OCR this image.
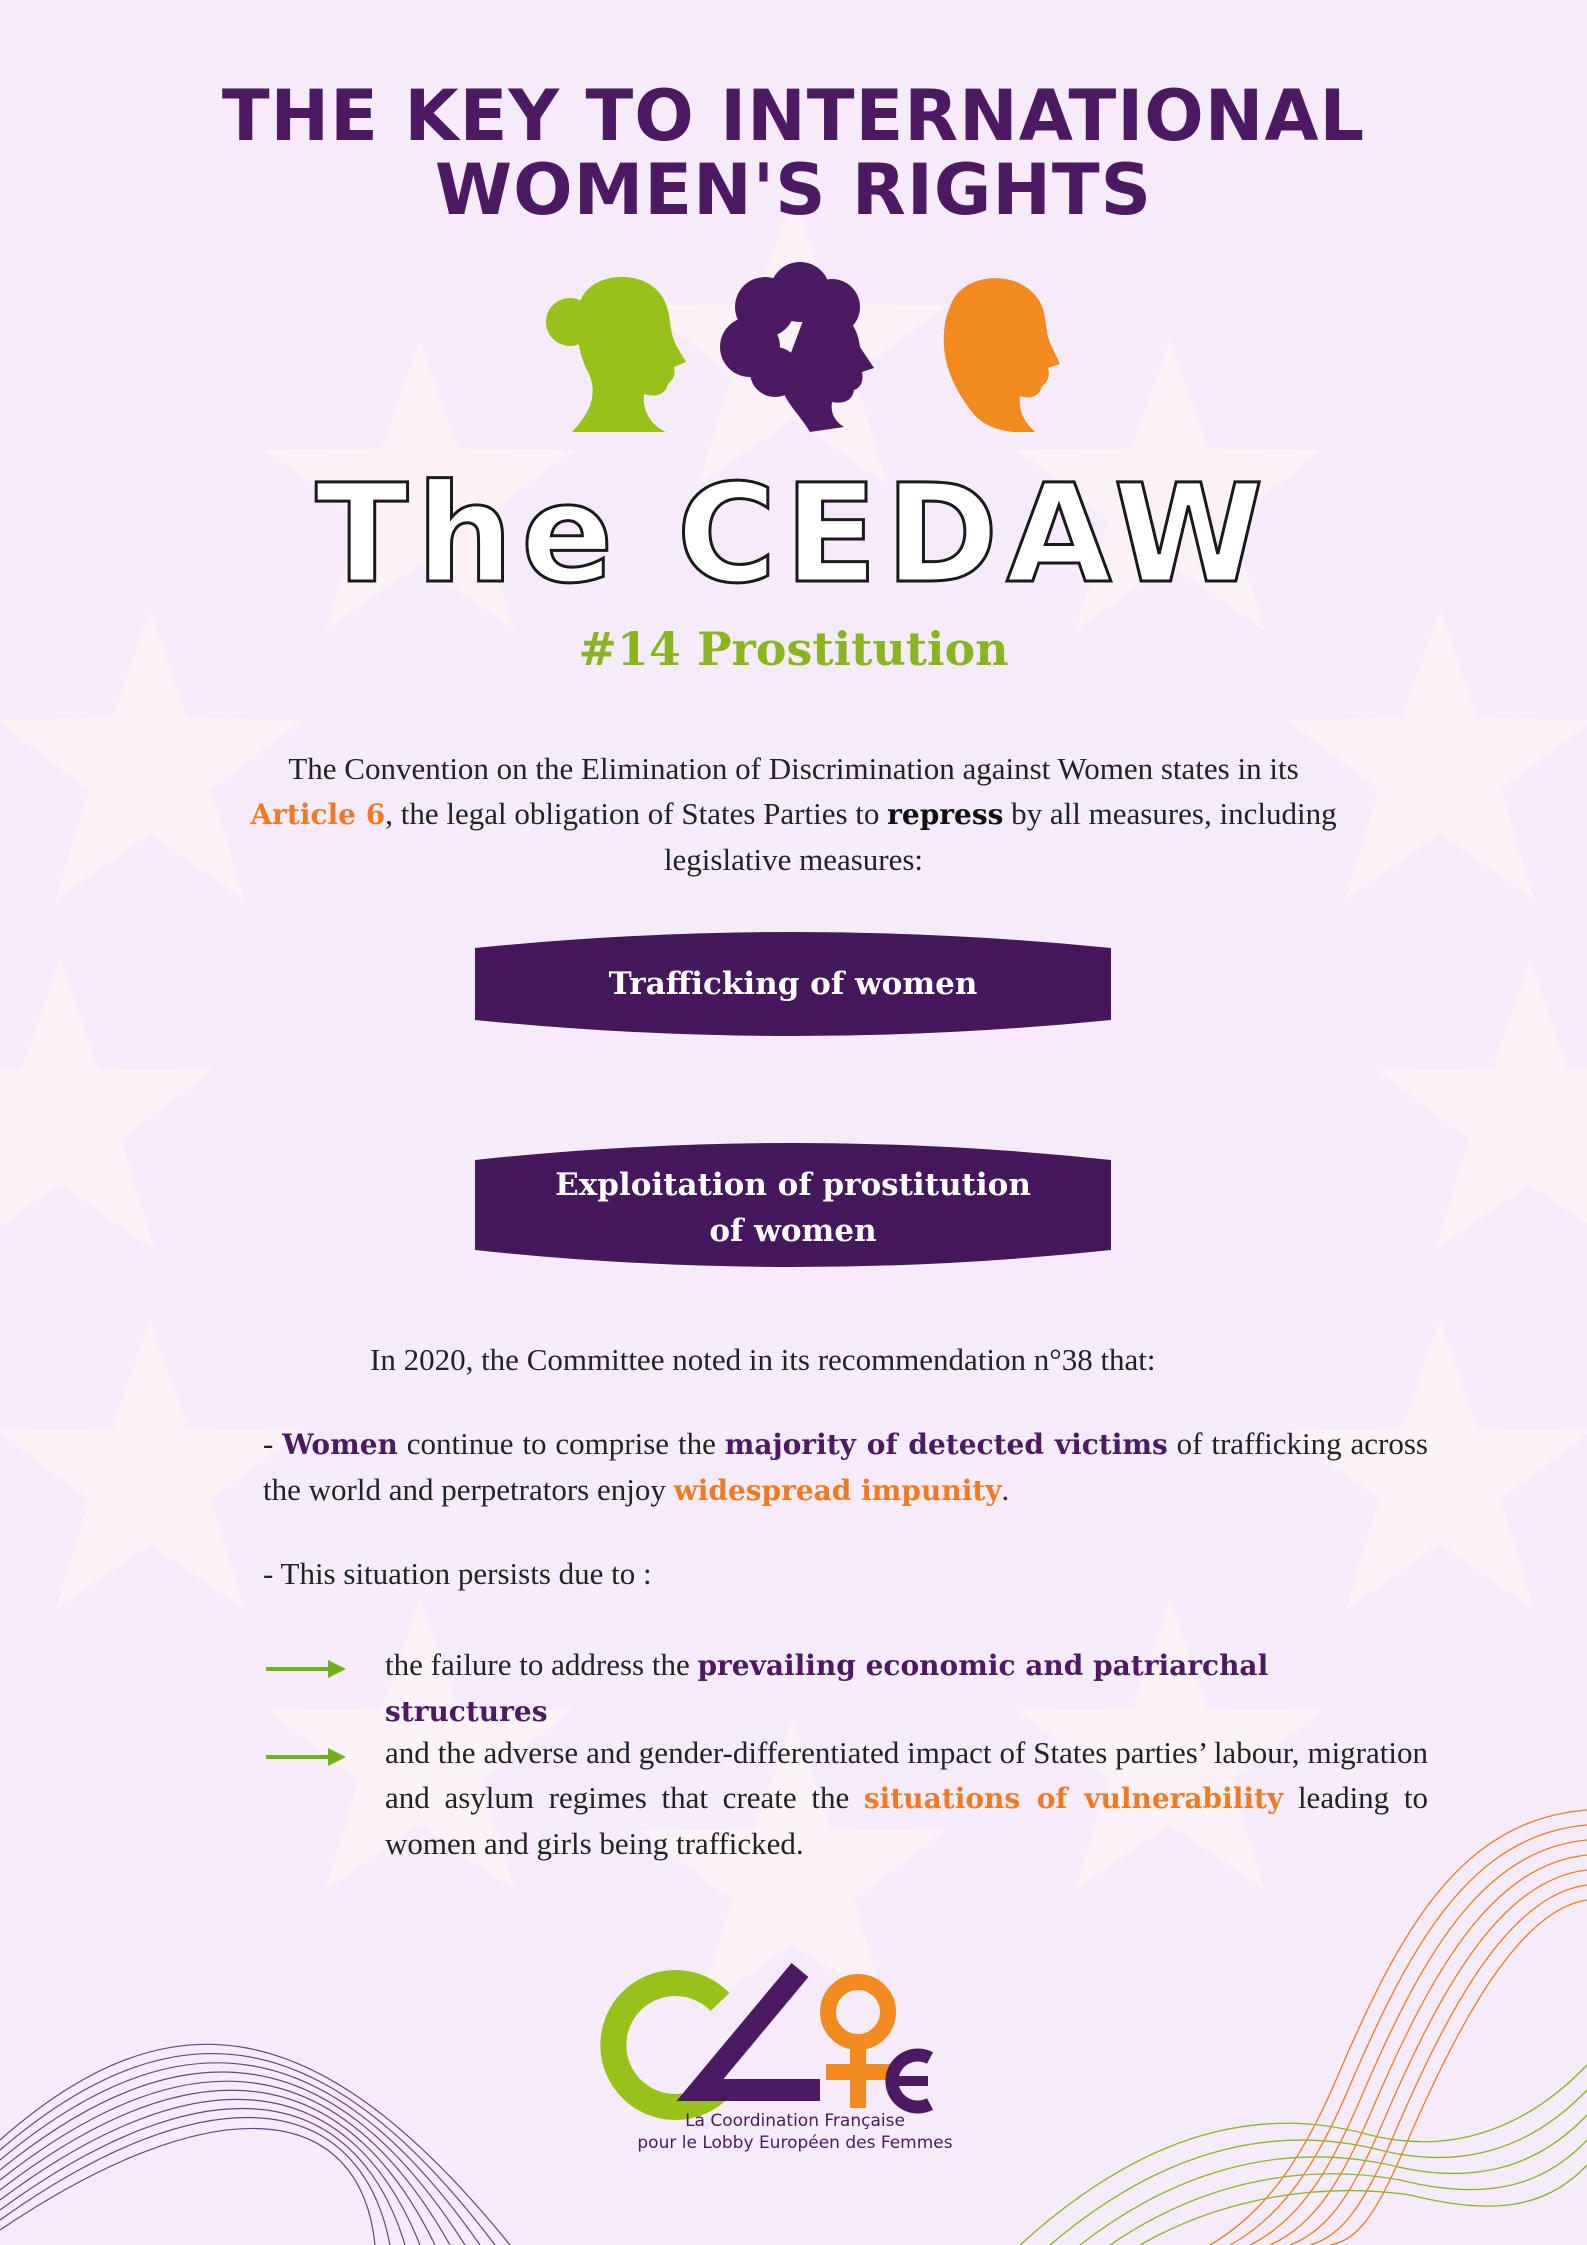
THE KEY TO INTERNATIONAL
WOMEN'S RIGHTS
The CEDAW
#14 Prostitution
The Convention on the Elimination of Discrimination against Women states in its
Article 6, the legal obligation of States Parties to repress by all measures, including legislative measures:
Trafficking of women
Exploitation of prostitution
of women
In 2020, the Committee noted in its recommendation n°38 that:
- Women continue to comprise the majority of detected victims of trafficking across the world and perpetrators enjoy widespread impunity.
- This situation persists due to :
the failure to address the prevailing economic and patriarchal structures
and the adverse and gender-differentiated impact of States parties’ labour, migration and asylum regimes that create the situations of vulnerability leading to women and girls being trafficked.
La Coordination Française
pour le Lobby Européen des Femmes
